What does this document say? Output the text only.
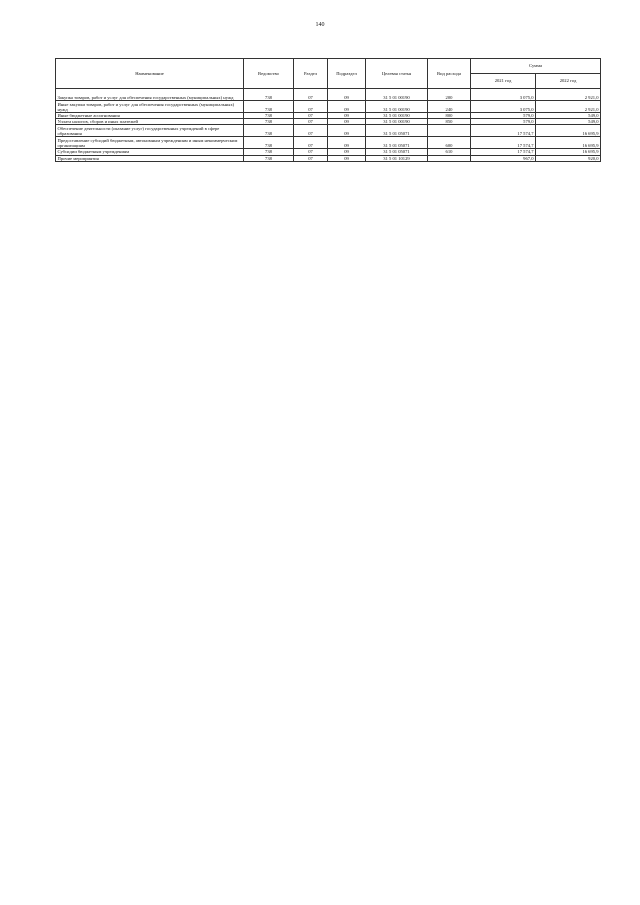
140
Наименование	Ведомство	Раздел	Подраздел	Целевая статья	Вид расхода	Сумма	
						2021 год	2022 год
Закупка товаров, работ и услуг для обеспечения государственных (муниципальных) нужд	738	07	09	31 5 01 00190	200	3 075,0	2 921,0
Иные закупки товаров, работ и услуг для обеспечения государственных (муниципальных) нужд	738	07	09	31 5 01 00190	240	3 075,0	2 921,0
Иные бюджетные ассигнования	738	07	09	31 5 01 00190	800	579,0	549,0
Уплата налогов, сборов и иных платежей	738	07	09	31 5 01 00190	850	579,0	549,0
Обеспечение деятельности (оказание услуг) государственных учреждений в сфере образования	738	07	09	31 5 01 05071		17 574,7	16 695,9
Предоставление субсидий бюджетным, автономным учреждениям и иным некоммерческим организациям	738	07	09	31 5 01 05071	600	17 574,7	16 695,9
Субсидии бюджетным учреждениям	738	07	09	31 5 01 05071	610	17 574,7	16 695,9
Прочие мероприятия	738	07	09	31 5 01 10129		967,0	920,0
